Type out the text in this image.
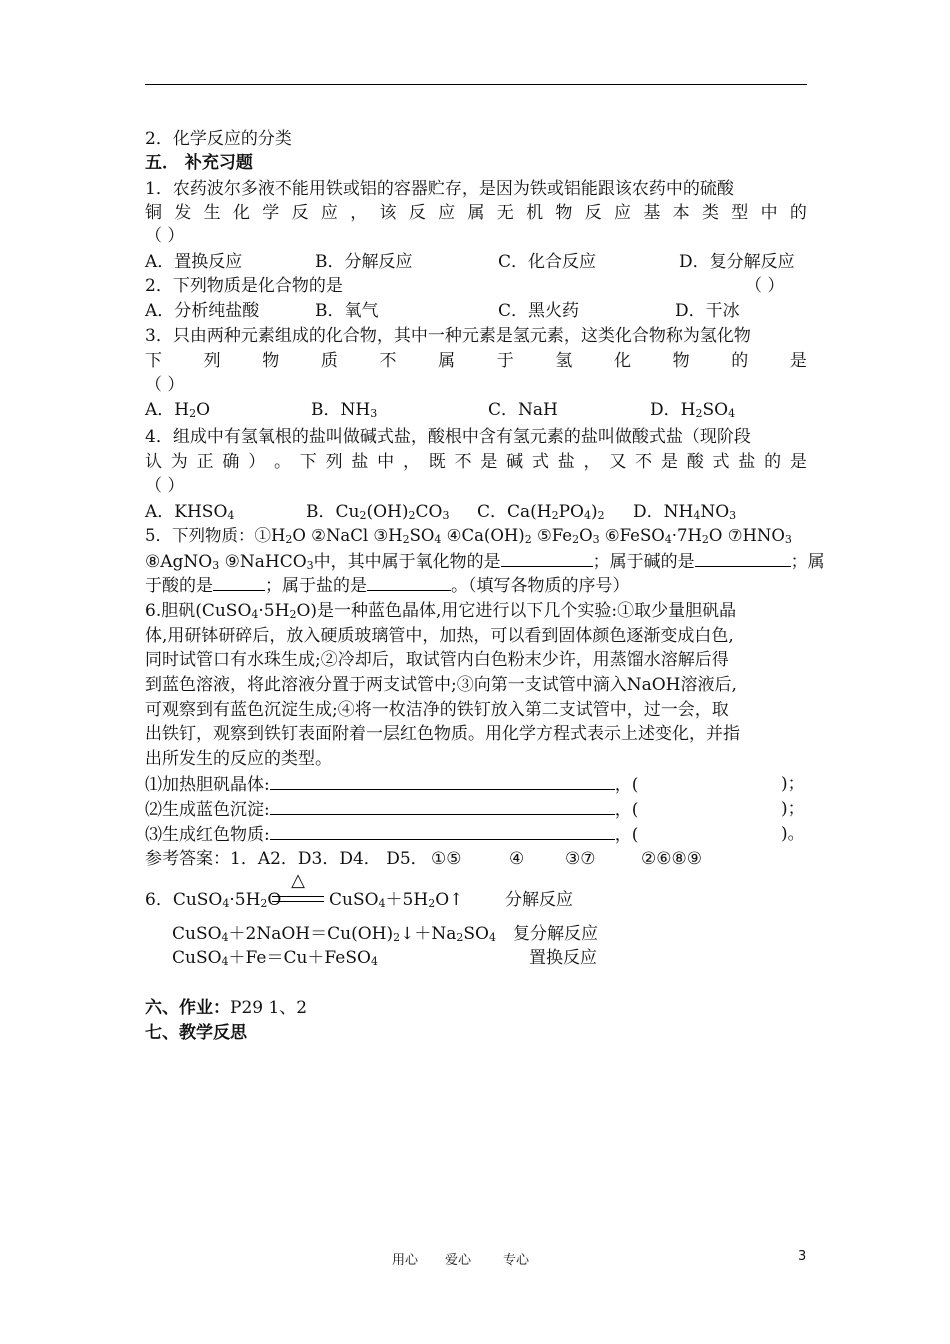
2．化学反应的分类
五． 补充习题
1．农药波尔多液不能用铁或铝的容器贮存，是因为铁或铝能跟该农药中的硫酸
铜 发 生 化 学 反 应 ， 该 反 应 属 无 机 物 反 应 基 本 类 型 中 的
（ ）
A．置换反应	B．分解反应	C．化合反应	D．复分解反应
2．下列物质是化合物的是	（ ）
A．分析纯盐酸	B．氧气	C．黑火药	D．干冰
3．只由两种元素组成的化合物，其中一种元素是氢元素，这类化合物称为氢化物
下 列 物 质 不 属 于 氢 化 物 的 是
（ ）
A．$H_2O$	B．$NH_3$	C．NaH	D．$H_2SO_4$
4．组成中有氢氧根的盐叫做碱式盐，酸根中含有氢元素的盐叫做酸式盐（现阶段
认 为 正 确 ） 。 下 列 盐 中 ， 既 不 是 碱 式 盐 ， 又 不 是 酸 式 盐 的 是
（ ）
A．$KHSO_4$	B．$Cu_2(OH)_2CO_3$	C．$Ca(H_2PO_4)_2$	D．$NH_4NO_3$
5．下列物质：$①H_2O$ ②NaCl $③H_2SO_4$ $④Ca(OH)_2$ $⑤Fe_2O_3$ $⑥FeSO_4\cdot 7H_2O$ $⑦HNO_3$
⑧AgNO$_3$ ⑨NaHCO$_3$中，其中属于氧化物的是	；属于碱的是	；属
于酸的是	；属于盐的是	。（填写各物质的序号）
6.胆矾$(CuSO_4\cdot 5H_2O)$是一种蓝色晶体,用它进行以下几个实验:①取少量胆矾晶
体,用研钵研碎后，放入硬质玻璃管中，加热，可以看到固体颜色逐渐变成白色,
同时试管口有水珠生成;②冷却后，取试管内白色粉末少许，用蒸馏水溶解后得
到蓝色溶液，将此溶液分置于两支试管中;③向第一支试管中滴入NaOH溶液后,
可观察到有蓝色沉淀生成;④将一枚洁净的铁钉放入第二支试管中，过一会，取
出铁钉，观察到铁钉表面附着一层红色物质。用化学方程式表示上述变化，并指
出所发生的反应的类型。
⑴加热胆矾晶体:	，(	)；
⑵生成蓝色沉淀:	，(	)；
⑶生成红色物质:	，(	)。
参考答案：1．A2．D3．D4． D5． ①⑤	④ ③⑦	②⑥⑧⑨
6．$CuSO_4\cdot 5H_2O$
△
$CuSO_4+5H_2O↑$ 分解反应
$CuSO_4+2NaOH=Cu(OH)_2↓+Na_2SO_4$ 复分解反应
CuSO$_4$＋Fe＝Cu＋FeSO$_4$	置换反应
六、作业：P29 1、2
七、教学反思
用心 爱心 专心	3
